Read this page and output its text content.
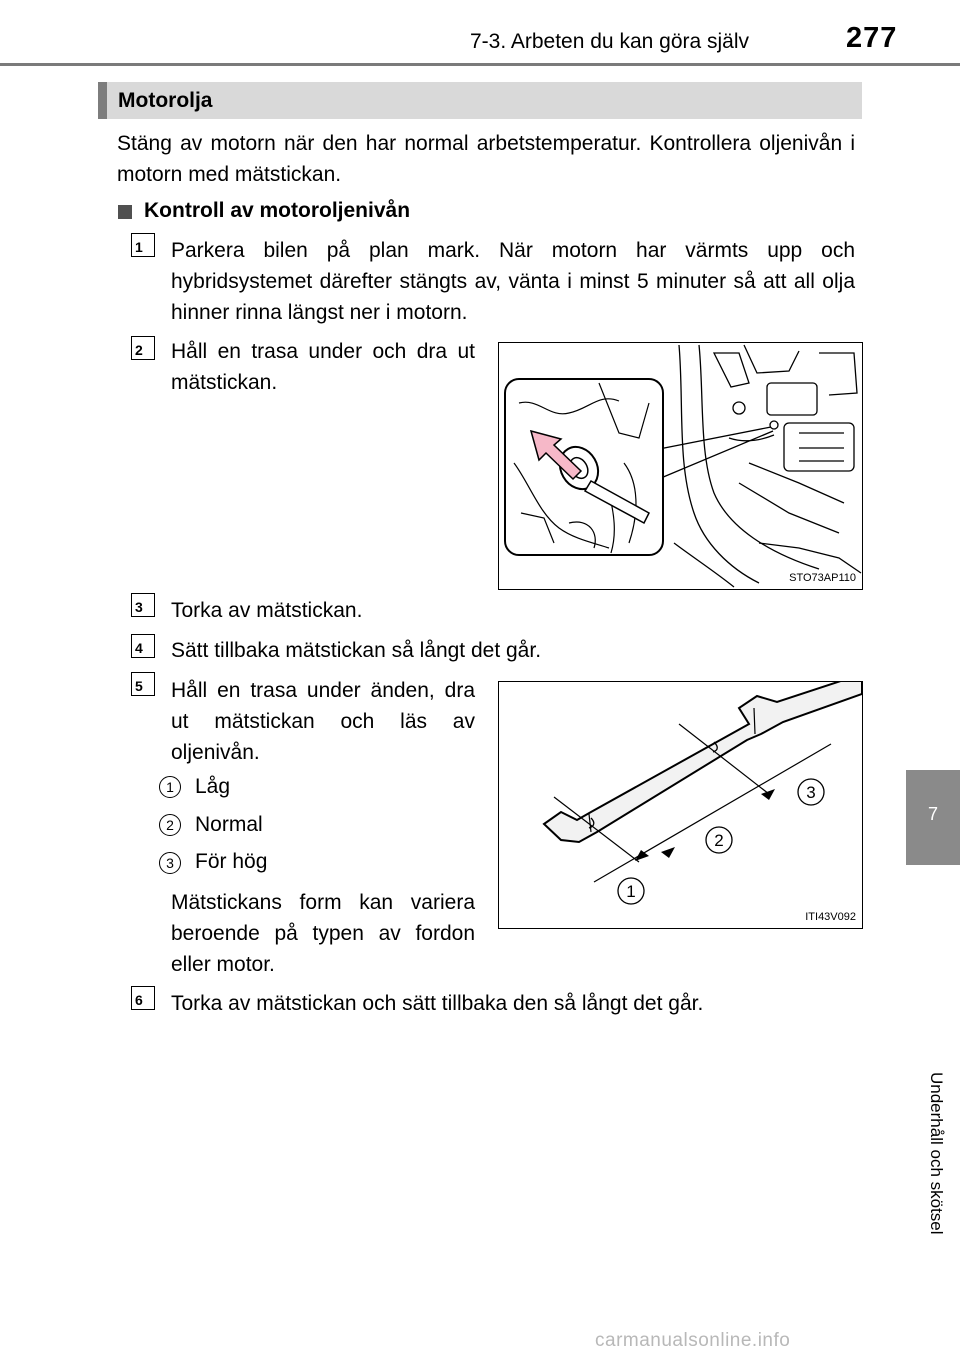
7-3. Arbeten du kan göra själv	277
7
Underhåll och skötsel
Motorolja
Stäng av motorn när den har normal arbetstemperatur. Kontrollera oljenivån i motorn med mätstickan.
Kontroll av motoroljenivån
1	Parkera bilen på plan mark. När motorn har värmts upp och hybridsystemet därefter stängts av, vänta i minst 5 minuter så att all olja hinner rinna längst ner i motorn.
2	Håll en trasa under och dra ut mätstickan.
3	Torka av mätstickan.
4	Sätt tillbaka mätstickan så långt det går.
5	Håll en trasa under änden, dra ut mätstickan och läs av oljenivån.
1	Låg
2	Normal
3	För hög
Mätstickans form kan variera beroende på typen av fordon eller motor.
6	Torka av mätstickan och sätt tillbaka den så långt det går.
STO73AP110
1
2
3
ITI43V092
carmanualsonline.info
